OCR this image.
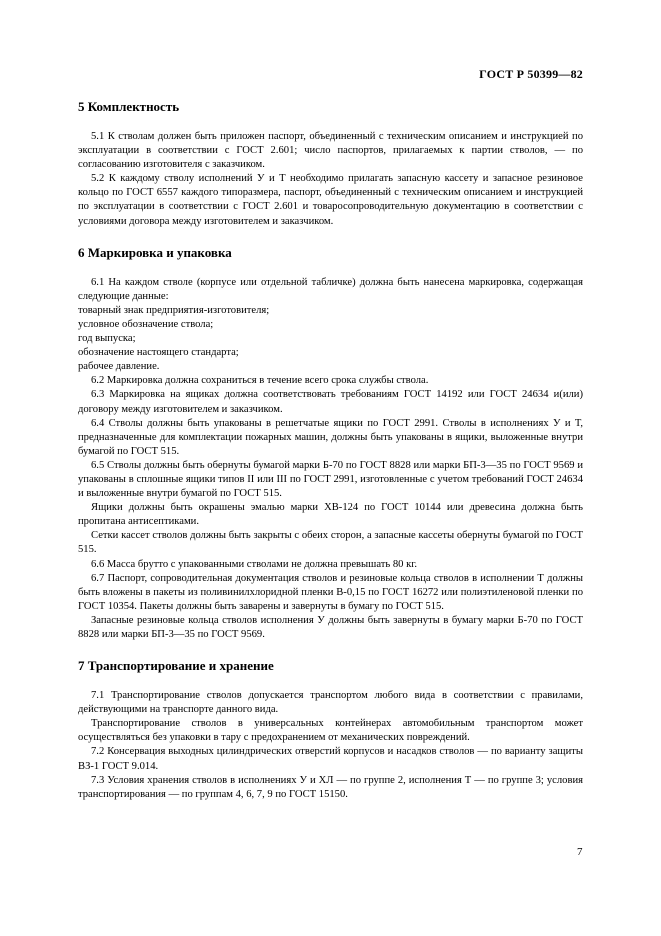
ГОСТ Р 50399—82
5 Комплектность

5.1 К стволам должен быть приложен паспорт, объединенный с техническим описанием и инструкцией по эксплуатации в соответствии с ГОСТ 2.601; число паспортов, прилагаемых к партии стволов, — по согласованию изготовителя с заказчиком.

5.2 К каждому стволу исполнений У и Т необходимо прилагать запасную кассету и запасное резиновое кольцо по ГОСТ 6557 каждого типоразмера, паспорт, объединенный с техническим описанием и инструкцией по эксплуатации в соответствии с ГОСТ 2.601 и товаросопроводительную документацию в соответствии с условиями договора между изготовителем и заказчиком.

6 Маркировка и упаковка

6.1 На каждом стволе (корпусе или отдельной табличке) должна быть нанесена маркировка, содержащая следующие данные:

товарный знак предприятия-изготовителя;

условное обозначение ствола;

год выпуска;

обозначение настоящего стандарта;

рабочее давление.

6.2 Маркировка должна сохраниться в течение всего срока службы ствола.

6.3 Маркировка на ящиках должна соответствовать требованиям ГОСТ 14192 или ГОСТ 24634 и(или) договору между изготовителем и заказчиком.

6.4 Стволы должны быть упакованы в решетчатые ящики по ГОСТ 2991. Стволы в исполнениях У и Т, предназначенные для комплектации пожарных машин, должны быть упакованы в ящики, выложенные внутри бумагой по ГОСТ 515.

6.5 Стволы должны быть обернуты бумагой марки Б-70 по ГОСТ 8828 или марки БП-3—35 по ГОСТ 9569 и упакованы в сплошные ящики типов II или III по ГОСТ 2991, изготовленные с учетом требований ГОСТ 24634 и выложенные внутри бумагой по ГОСТ 515.

Ящики должны быть окрашены эмалью марки ХВ-124 по ГОСТ 10144 или древесина должна быть пропитана антисептиками.

Сетки кассет стволов должны быть закрыты с обеих сторон, а запасные кассеты обернуты бумагой по ГОСТ 515.

6.6 Масса брутто с упакованными стволами не должна превышать 80 кг.

6.7 Паспорт, сопроводительная документация стволов и резиновые кольца стволов в исполнении Т должны быть вложены в пакеты из поливинилхлоридной пленки В-0,15 по ГОСТ 16272 или полиэтиленовой пленки по ГОСТ 10354. Пакеты должны быть заварены и завернуты в бумагу по ГОСТ 515.

Запасные резиновые кольца стволов исполнения У должны быть завернуты в бумагу марки Б-70 по ГОСТ 8828 или марки БП-3—35 по ГОСТ 9569.

7 Транспортирование и хранение

7.1 Транспортирование стволов допускается транспортом любого вида в соответствии с правилами, действующими на транспорте данного вида.

Транспортирование стволов в универсальных контейнерах автомобильным транспортом может осуществляться без упаковки в тару с предохранением от механических повреждений.

7.2 Консервация выходных цилиндрических отверстий корпусов и насадков стволов — по варианту защиты ВЗ-1 ГОСТ 9.014.

7.3 Условия хранения стволов в исполнениях У и ХЛ — по группе 2, исполнения Т — по группе 3; условия транспортирования — по группам 4, 6, 7, 9 по ГОСТ 15150.

7
